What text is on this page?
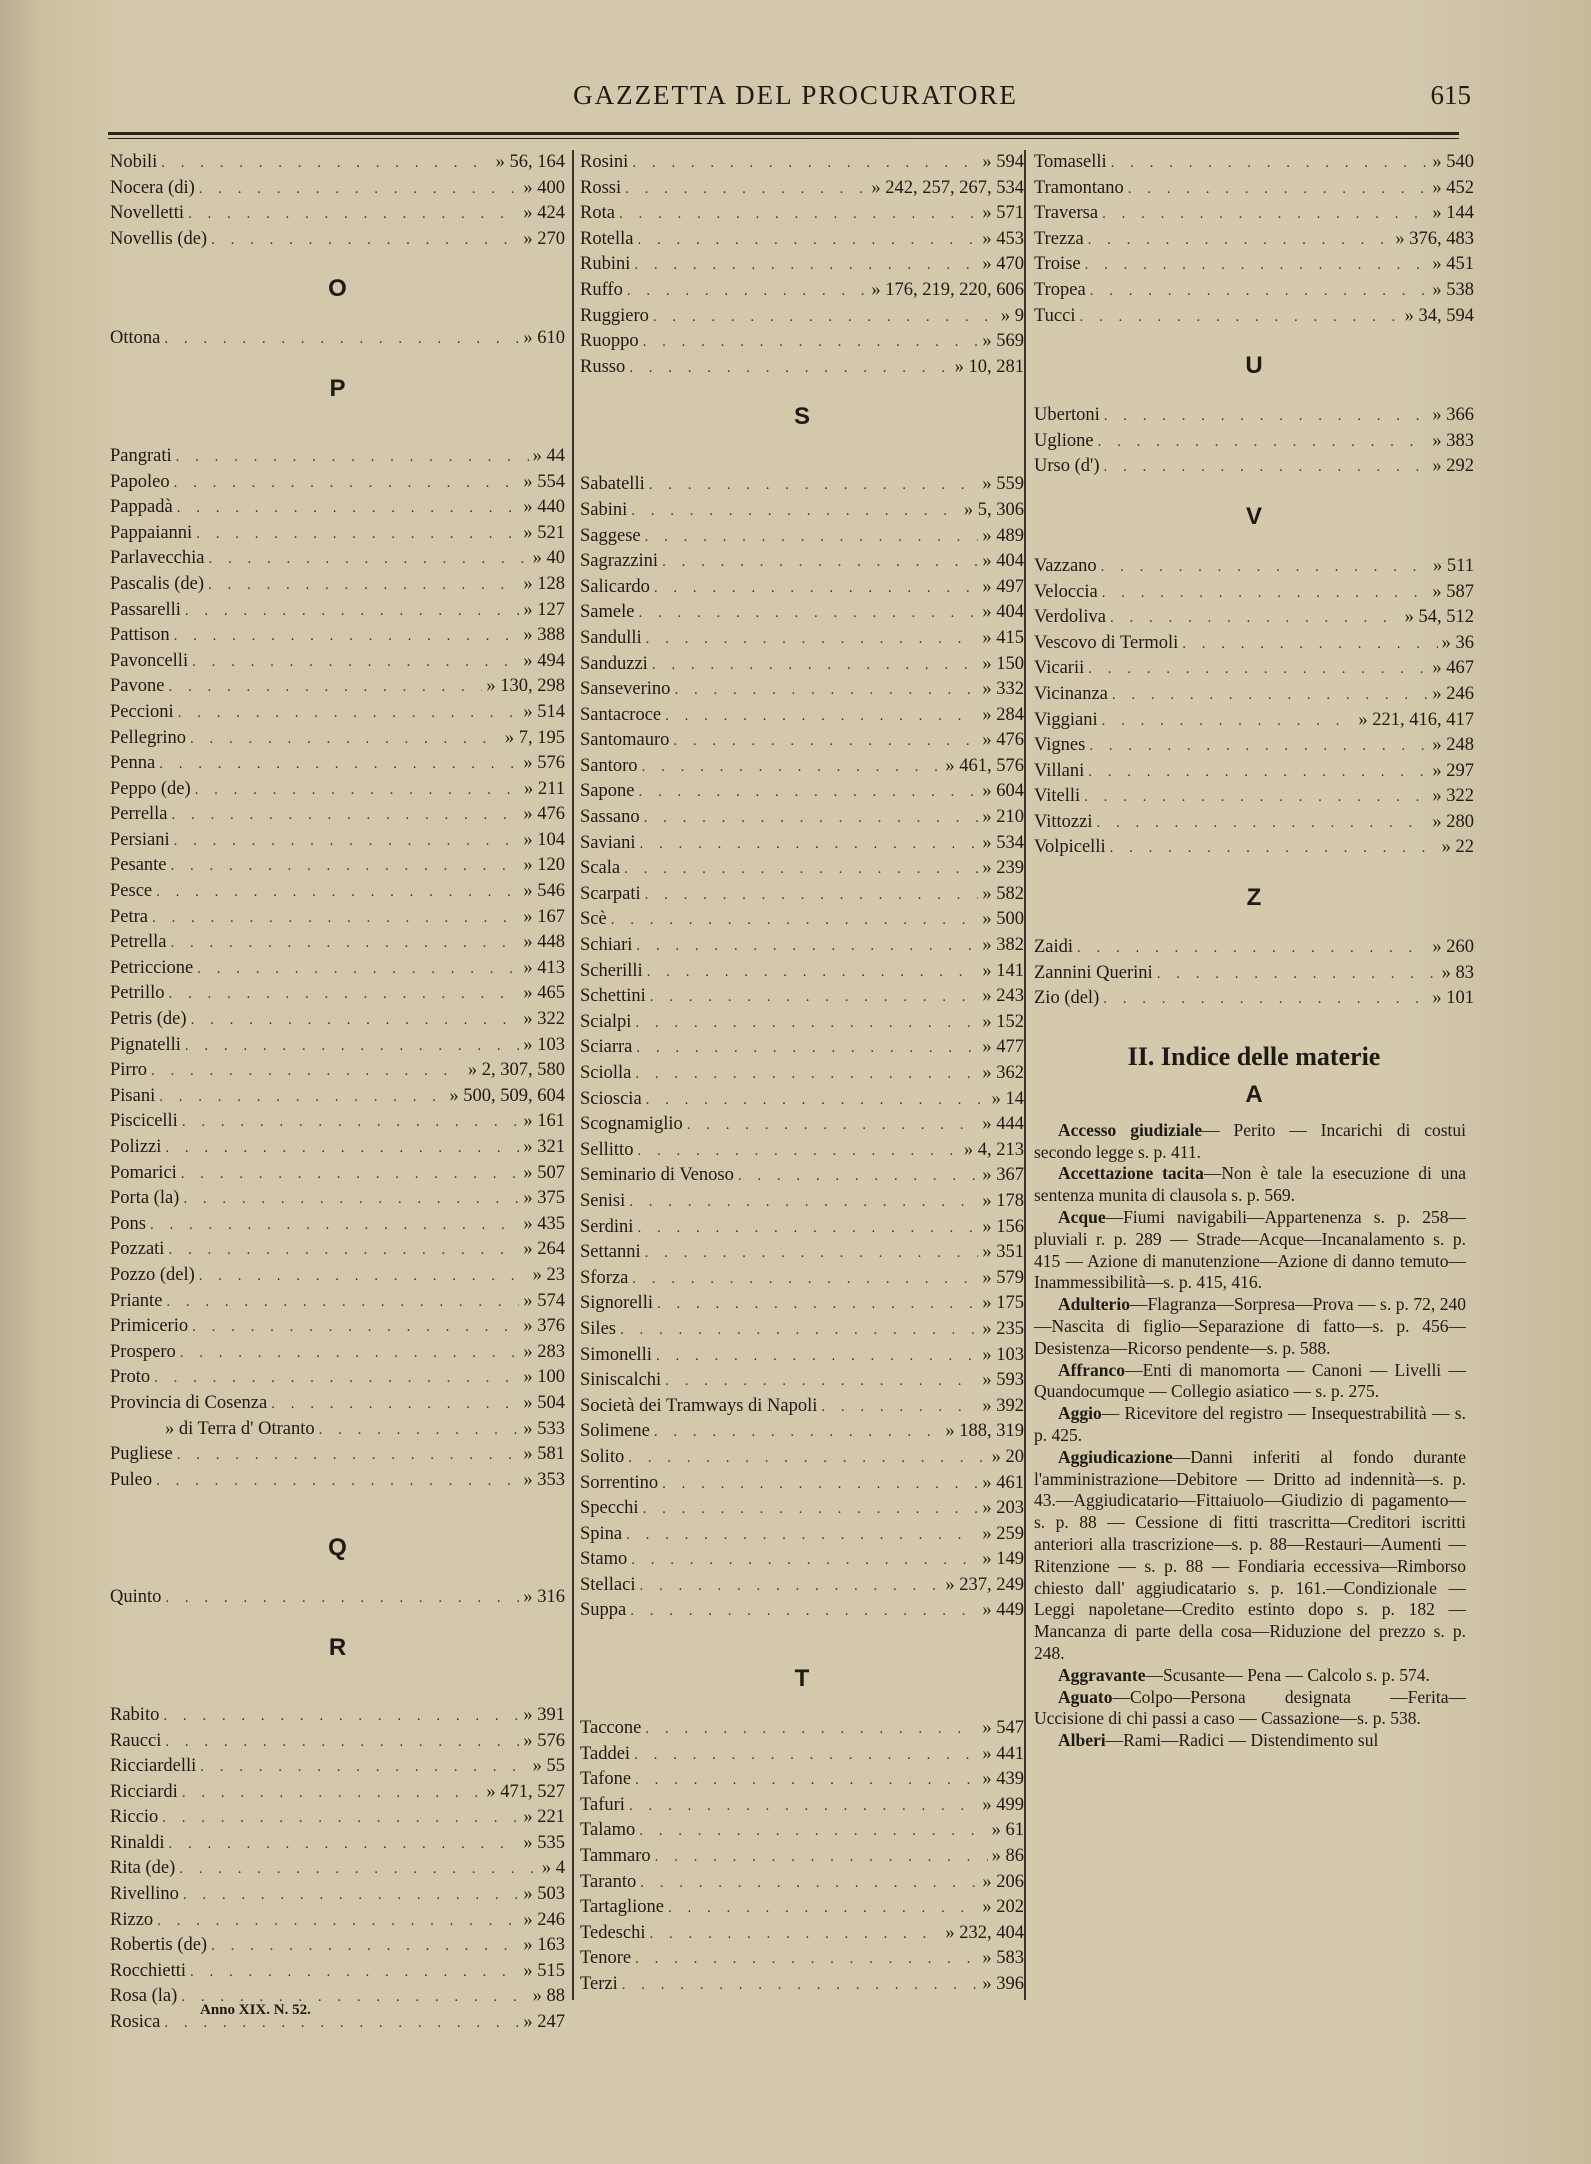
GAZZETTA DEL PROCURATORE	615
Nobili . . .	» 56, 164
Nocera (di) . . .	» 400
Novelletti . . .	» 424
Novellis (de) . . .	» 270
O
Ottona . . .	» 610
P
Pangrati . . .	» 44
Papoleo . . .	» 554
Pappadà . . .	» 440
Pappaianni . . .	» 521
Parlavecchia . . .	» 40
Pascalis (de) . . .	» 128
Passarelli . . .	» 127
Pattison . . .	» 388
Pavoncelli . . .	» 494
Pavone . . .	» 130, 298
Peccioni . . .	» 514
Pellegrino . . .	» 7, 195
Penna . . .	» 576
Peppo (de) . . .	» 211
Perrella . . .	» 476
Persiani . . .	» 104
Pesante . . .	» 120
Pesce . . .	» 546
Petra . . .	» 167
Petrella . . .	» 448
Petriccione . . .	» 413
Petrillo . . .	» 465
Petris (de) . . .	» 322
Pignatelli . . .	» 103
Pirro . . .	» 2, 307, 580
Pisani . . .	» 500, 509, 604
Piscicelli . . .	» 161
Polizzi . . .	» 321
Pomarici . . .	» 507
Porta (la) . . .	» 375
Pons . . .	» 435
Pozzati . . .	» 264
Pozzo (del) . . .	» 23
Priante . . .	» 574
Primicerio . . .	» 376
Prospero . . .	» 283
Proto . . .	» 100
Provincia di Cosenza . . .	» 504
» di Terra d' Otranto . . .	» 533
Pugliese . . .	» 581
Puleo . . .	» 353
Q
Quinto . . .	» 316
R
Rabito . . .	» 391
Raucci . . .	» 576
Ricciardelli . . .	» 55
Ricciardi . . .	» 471, 527
Riccio . . .	» 221
Rinaldi . . .	» 535
Rita (de) . . .	» 4
Rivellino . . .	» 503
Rizzo . . .	» 246
Robertis (de) . . .	» 163
Rocchietti . . .	» 515
Rosa (la) . . .	» 88
Rosica . . .	» 247
Rosini . . .	» 594
Rossi . . .	» 242, 257, 267, 534
Rota . . .	» 571
Rotella . . .	» 453
Rubini . . .	» 470
Ruffo . . .	» 176, 219, 220, 606
Ruggiero . . .	» 9
Ruoppo . . .	» 569
Russo . . .	» 10, 281
S
Sabatelli . . .	» 559
Sabini . . .	» 5, 306
Saggese . . .	» 489
Sagrazzini . . .	» 404
Salicardo . . .	» 497
Samele . . .	» 404
Sandulli . . .	» 415
Sanduzzi . . .	» 150
Sanseverino . . .	» 332
Santacroce . . .	» 284
Santomauro . . .	» 476
Santoro . . .	» 461, 576
Sapone . . .	» 604
Sassano . . .	» 210
Saviani . . .	» 534
Scala . . .	» 239
Scarpati . . .	» 582
Scè . . .	» 500
Schiari . . .	» 382
Scherilli . . .	» 141
Schettini . . .	» 243
Scialpi . . .	» 152
Sciarra . . .	» 477
Sciolla . . .	» 362
Scioscia . . .	» 14
Scognamiglio . . .	» 444
Sellitto . . .	» 4, 213
Seminario di Venoso . . .	» 367
Senisi . . .	» 178
Serdini . . .	» 156
Settanni . . .	» 351
Sforza . . .	» 579
Signorelli . . .	» 175
Siles . . .	» 235
Simonelli . . .	» 103
Siniscalchi . . .	» 593
Società dei Tramways di Napoli . . .	» 392
Solimene . . .	» 188, 319
Solito . . .	» 20
Sorrentino . . .	» 461
Specchi . . .	» 203
Spina . . .	» 259
Stamo . . .	» 149
Stellaci . . .	» 237, 249
Suppa . . .	» 449
T
Taccone . . .	» 547
Taddei . . .	» 441
Tafone . . .	» 439
Tafuri . . .	» 499
Talamo . . .	» 61
Tammaro . . .	» 86
Taranto . . .	» 206
Tartaglione . . .	» 202
Tedeschi . . .	» 232, 404
Tenore . . .	» 583
Terzi . . .	» 396
Tomaselli . . .	» 540
Tramontano . . .	» 452
Traversa . . .	» 144
Trezza . . .	» 376, 483
Troise . . .	» 451
Tropea . . .	» 538
Tucci . . .	» 34, 594
U
Ubertoni . . .	» 366
Uglione . . .	» 383
Urso (d') . . .	» 292
V
Vazzano . . .	» 511
Veloccia . . .	» 587
Verdoliva . . .	» 54, 512
Vescovo di Termoli . . .	» 36
Vicarii . . .	» 467
Vicinanza . . .	» 246
Viggiani . . .	» 221, 416, 417
Vignes . . .	» 248
Villani . . .	» 297
Vitelli . . .	» 322
Vittozzi . . .	» 280
Volpicelli . . .	» 22
Z
Zaidi . . .	» 260
Zannini Querini . . .	» 83
Zio (del) . . .	» 101
II. Indice delle materie
A

Accesso giudiziale— Perito — Incarichi di costui secondo legge s. p. 411.

Accettazione tacita—Non è tale la esecuzione di una sentenza munita di clausola s. p. 569.

Acque—Fiumi navigabili—Appartenenza s. p. 258—pluviali r. p. 289 — Strade—Acque—Incanalamento s. p. 415 — Azione di manutenzione—Azione di danno temuto—Inammessibilità—s. p. 415, 416.

Adulterio—Flagranza—Sorpresa—Prova — s. p. 72, 240—Nascita di figlio—Separazione di fatto—s. p. 456—Desistenza—Ricorso pendente—s. p. 588.

Affranco—Enti di manomorta — Canoni — Livelli — Quandocumque — Collegio asiatico — s. p. 275.

Aggio— Ricevitore del registro — Insequestrabilità — s. p. 425.

Aggiudicazione—Danni inferiti al fondo durante l'amministrazione—Debitore — Dritto ad indennità—s. p. 43.—Aggiudicatario—Fittaiuolo—Giudizio di pagamento—s. p. 88 — Cessione di fitti trascritta—Creditori iscritti anteriori alla trascrizione—s. p. 88—Restauri—Aumenti — Ritenzione — s. p. 88 — Fondiaria eccessiva—Rimborso chiesto dall' aggiudicatario s. p. 161.—Condizionale — Leggi napoletane—Credito estinto dopo s. p. 182 — Mancanza di parte della cosa—Riduzione del prezzo s. p. 248.

Aggravante—Scusante— Pena — Calcolo s. p. 574.

Aguato—Colpo—Persona designata —Ferita—Uccisione di chi passi a caso — Cassazione—s. p. 538.

Alberi—Rami—Radici — Distendimento sul

Anno XIX. N. 52.
